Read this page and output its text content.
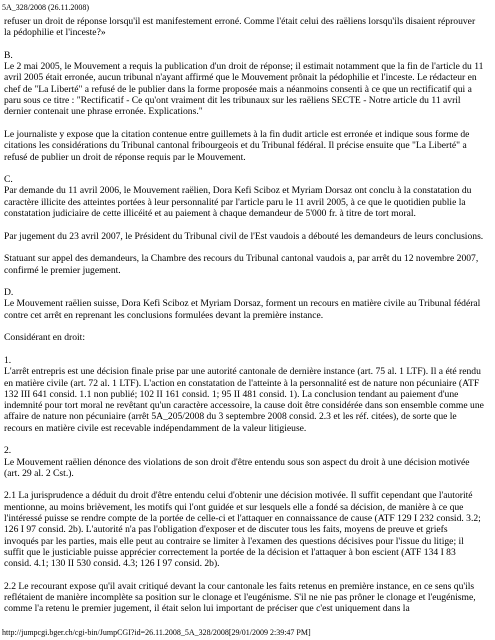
5A_328/2008 (26.11.2008)

refuser un droit de réponse lorsqu'il est manifestement erroné. Comme l'était celui des raëliens lorsqu'ils disaient réprouver la pédophilie et l'inceste?»

B.
Le 2 mai 2005, le Mouvement a requis la publication d'un droit de réponse; il estimait notamment que la fin de l'article du 11 avril 2005 était erronée, aucun tribunal n'ayant affirmé que le Mouvement prônait la pédophilie et l'inceste. Le rédacteur en chef de "La Liberté" a refusé de le publier dans la forme proposée mais a néanmoins consenti à ce que un rectificatif qui a paru sous ce titre : "Rectificatif - Ce qu'ont vraiment dit les tribunaux sur les raëliens SECTE - Notre article du 11 avril dernier contenait une phrase erronée. Explications."

Le journaliste y expose que la citation contenue entre guillemets à la fin dudit article est erronée et indique sous forme de citations les considérations du Tribunal cantonal fribourgeois et du Tribunal fédéral. Il précise ensuite que "La Liberté" a refusé de publier un droit de réponse requis par le Mouvement.

C.
Par demande du 11 avril 2006, le Mouvement raëlien, Dora Kefi Sciboz et Myriam Dorsaz ont conclu à la constatation du caractère illicite des atteintes portées à leur personnalité par l'article paru le 11 avril 2005, à ce que le quotidien publie la constatation judiciaire de cette illicéité et au paiement à chaque demandeur de 5'000 fr. à titre de tort moral.

Par jugement du 23 avril 2007, le Président du Tribunal civil de l'Est vaudois a débouté les demandeurs de leurs conclusions.

Statuant sur appel des demandeurs, la Chambre des recours du Tribunal cantonal vaudois a, par arrêt du 12 novembre 2007, confirmé le premier jugement.

D.
Le Mouvement raëlien suisse, Dora Kefi Sciboz et Myriam Dorsaz, forment un recours en matière civile au Tribunal fédéral contre cet arrêt en reprenant les conclusions formulées devant la première instance.

Considérant en droit:

1.
L'arrêt entrepris est une décision finale prise par une autorité cantonale de dernière instance (art. 75 al. 1 LTF). Il a été rendu en matière civile (art. 72 al. 1 LTF). L'action en constatation de l'atteinte à la personnalité est de nature non pécuniaire (ATF 132 III 641 consid. 1.1 non publié; 102 II 161 consid. 1; 95 II 481 consid. 1). La conclusion tendant au paiement d'une indemnité pour tort moral ne revêtant qu'un caractère accessoire, la cause doit être considérée dans son ensemble comme une affaire de nature non pécuniaire (arrêt 5A_205/2008 du 3 septembre 2008 consid. 2.3 et les réf. citées), de sorte que le recours en matière civile est recevable indépendamment de la valeur litigieuse.

2.
Le Mouvement raëlien dénonce des violations de son droit d'être entendu sous son aspect du droit à une décision motivée (art. 29 al. 2 Cst.).

2.1 La jurisprudence a déduit du droit d'être entendu celui d'obtenir une décision motivée. Il suffit cependant que l'autorité mentionne, au moins brièvement, les motifs qui l'ont guidée et sur lesquels elle a fondé sa décision, de manière à ce que l'intéressé puisse se rendre compte de la portée de celle-ci et l'attaquer en connaissance de cause (ATF 129 I 232 consid. 3.2; 126 I 97 consid. 2b). L'autorité n'a pas l'obligation d'exposer et de discuter tous les faits, moyens de preuve et griefs invoqués par les parties, mais elle peut au contraire se limiter à l'examen des questions décisives pour l'issue du litige; il suffit que le justiciable puisse apprécier correctement la portée de la décision et l'attaquer à bon escient (ATF 134 I 83 consid. 4.1; 130 II 530 consid. 4.3; 126 I 97 consid. 2b).

2.2 Le recourant expose qu'il avait critiqué devant la cour cantonale les faits retenus en première instance, en ce sens qu'ils reflétaient de manière incomplète sa position sur le clonage et l'eugénisme. S'il ne nie pas prôner le clonage et l'eugénisme, comme l'a retenu le premier jugement, il était selon lui important de préciser que c'est uniquement dans la

http://jumpcgi.bger.ch/cgi-bin/JumpCGI?id=26.11.2008_5A_328/2008[29/01/2009 2:39:47 PM]
